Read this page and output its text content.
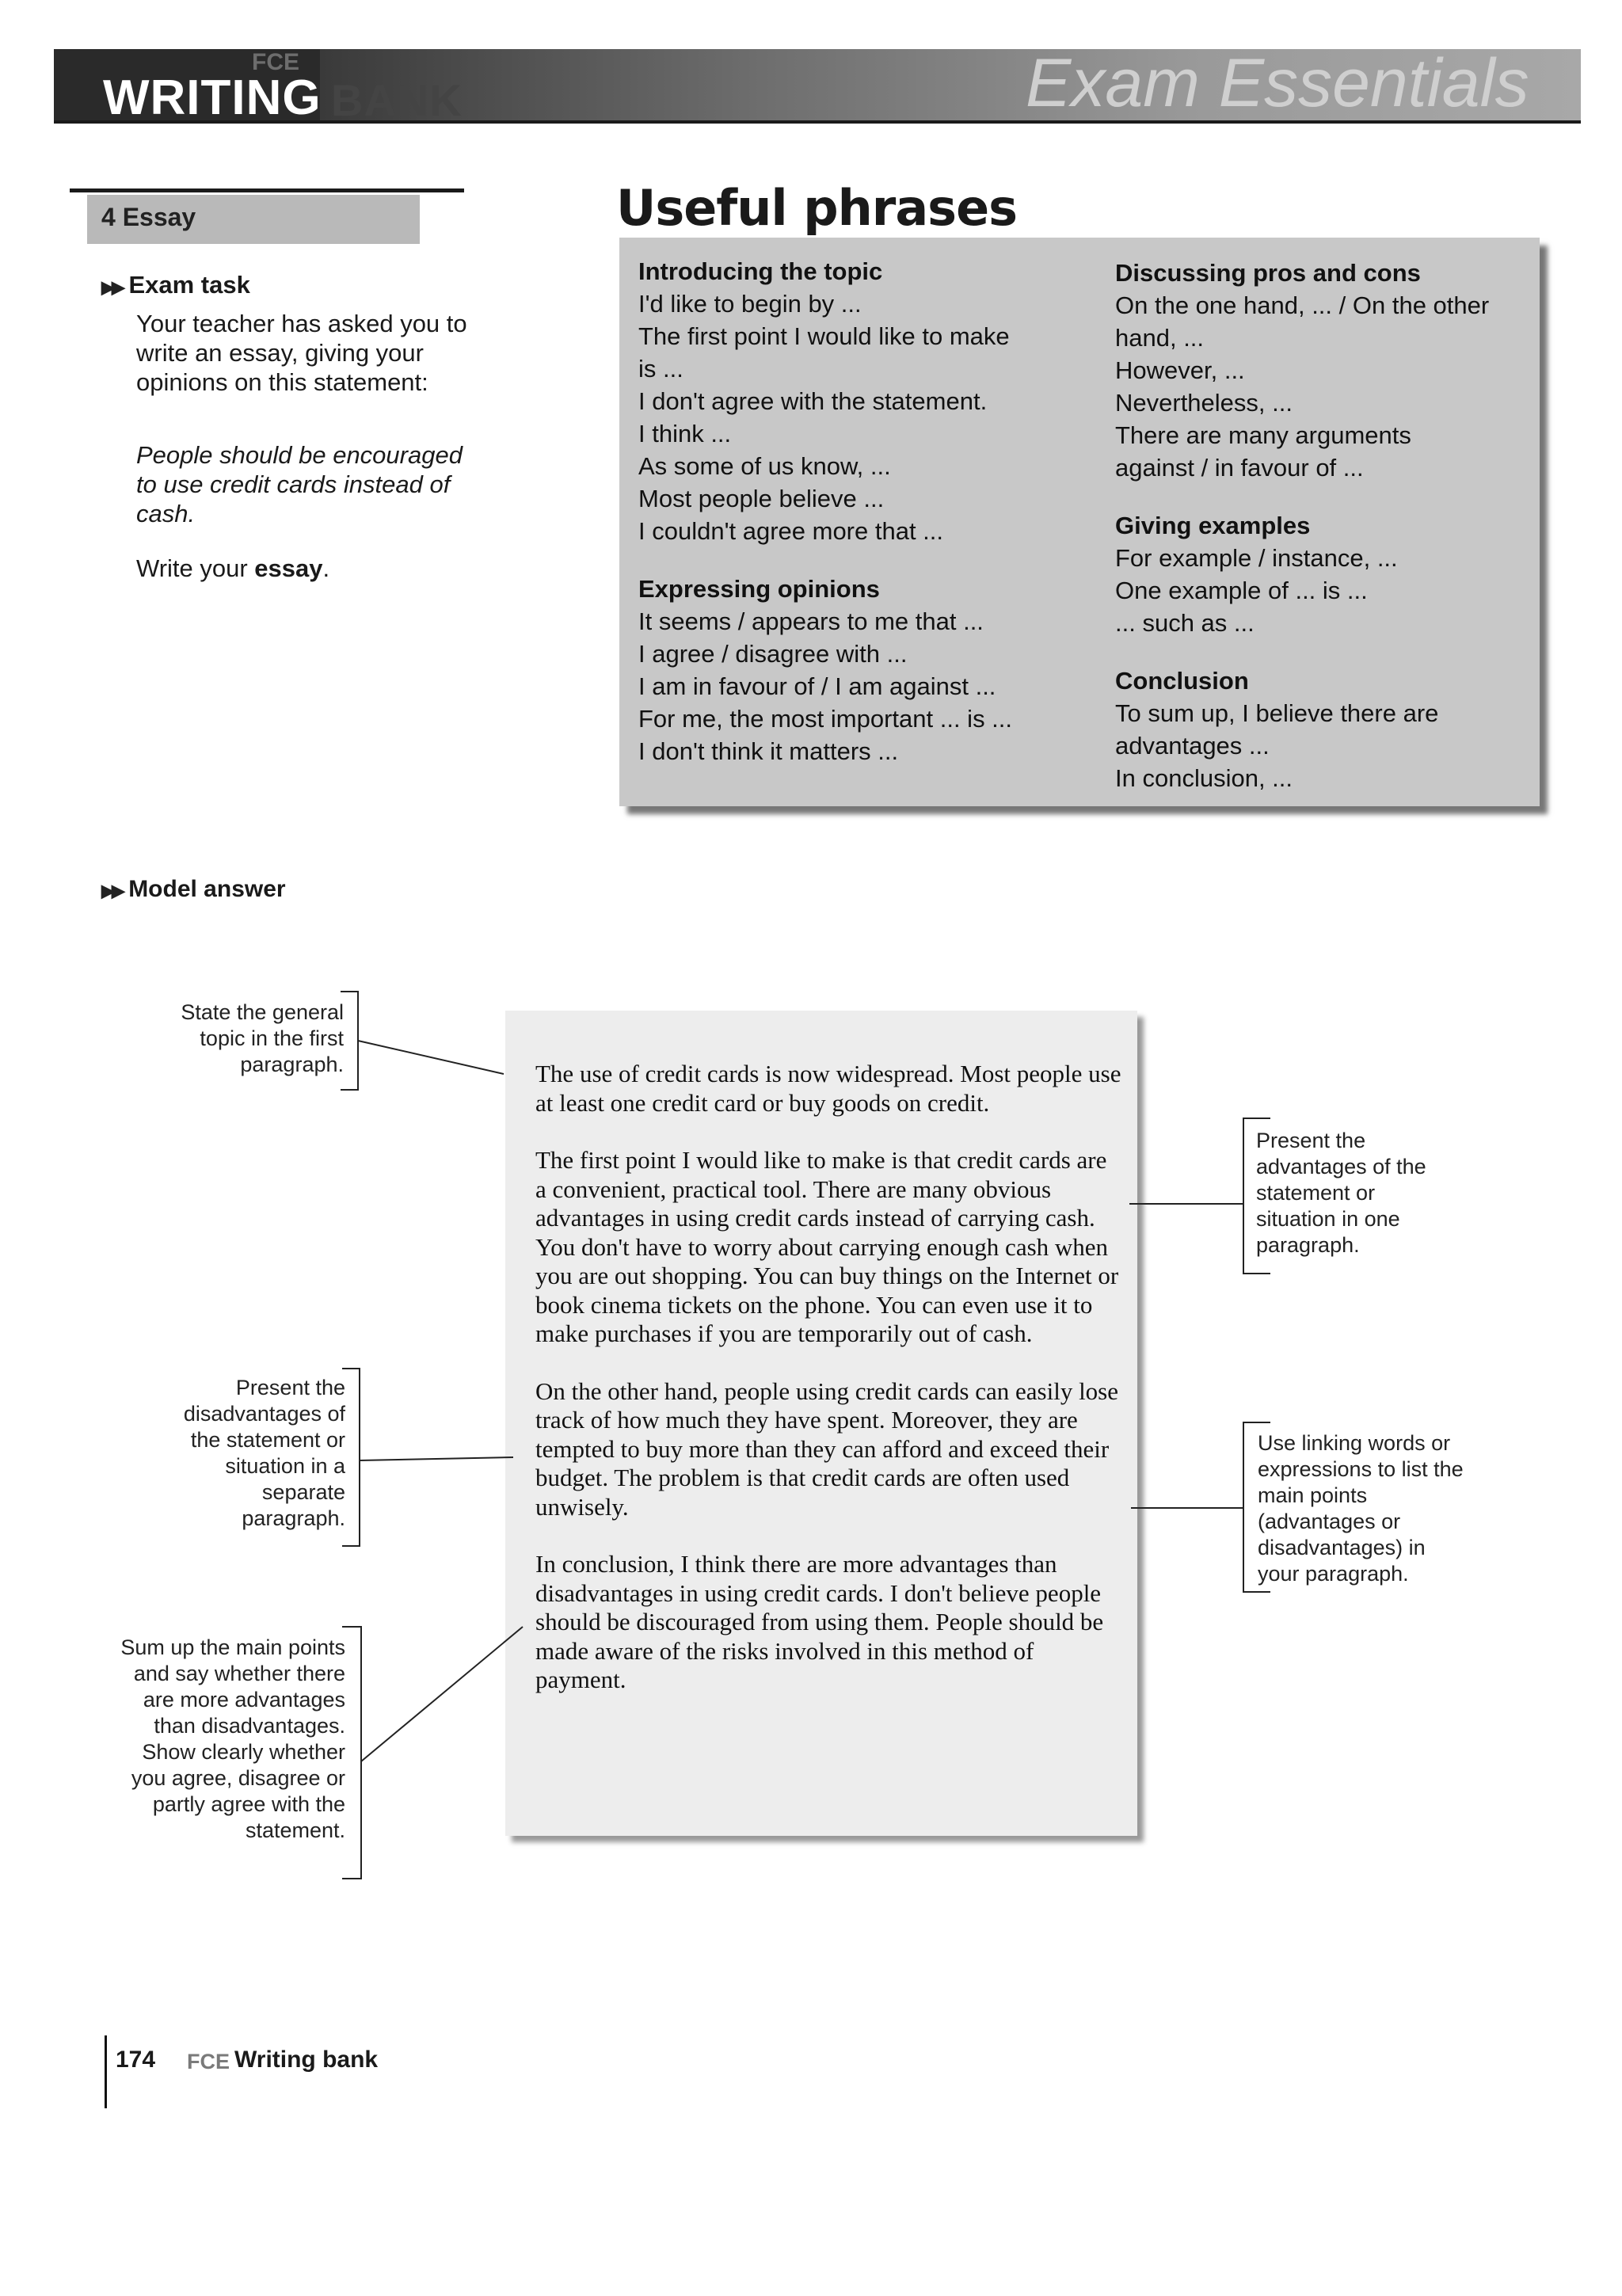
FCE
WRITING BANK	Exam Essentials
4 Essay
▶▶ Exam task
Your teacher has asked you to write an essay, giving your opinions on this statement:
People should be encouraged to use credit cards instead of cash.
Write your essay.
Useful phrases
Introducing the topic
I'd like to begin by ...
The first point I would like to make
is ...
I don't agree with the statement.
I think ...
As some of us know, ...
Most people believe ...
I couldn't agree more that ...
Expressing opinions
It seems / appears to me that ...
I agree / disagree with ...
I am in favour of / I am against ...
For me, the most important ... is ...
I don't think it matters ...
Discussing pros and cons
On the one hand, ... / On the other
hand, ...
However, ...
Nevertheless, ...
There are many arguments
against / in favour of ...
Giving examples
For example / instance, ...
One example of ... is ...
... such as ...
Conclusion
To sum up, I believe there are
advantages ...
In conclusion, ...
▶▶ Model answer

The use of credit cards is now widespread. Most people use at least one credit card or buy goods on credit.

The first point I would like to make is that credit cards are a convenient, practical tool. There are many obvious advantages in using credit cards instead of carrying cash. You don't have to worry about carrying enough cash when you are out shopping. You can buy things on the Internet or book cinema tickets on the phone. You can even use it to make purchases if you are temporarily out of cash.

On the other hand, people using credit cards can easily lose track of how much they have spent. Moreover, they are tempted to buy more than they can afford and exceed their budget. The problem is that credit cards are often used unwisely.

In conclusion, I think there are more advantages than disadvantages in using credit cards. I don't believe people should be discouraged from using them. People should be made aware of the risks involved in this method of payment.

State the general topic in the first paragraph.
Present the disadvantages of the statement or situation in a separate paragraph.
Sum up the main points and say whether there are more advantages than disadvantages. Show clearly whether you agree, disagree or partly agree with the statement.
Present the advantages of the statement or situation in one paragraph.
Use linking words or expressions to list the main points (advantages or disadvantages) in your paragraph.
174 FCE Writing bank
